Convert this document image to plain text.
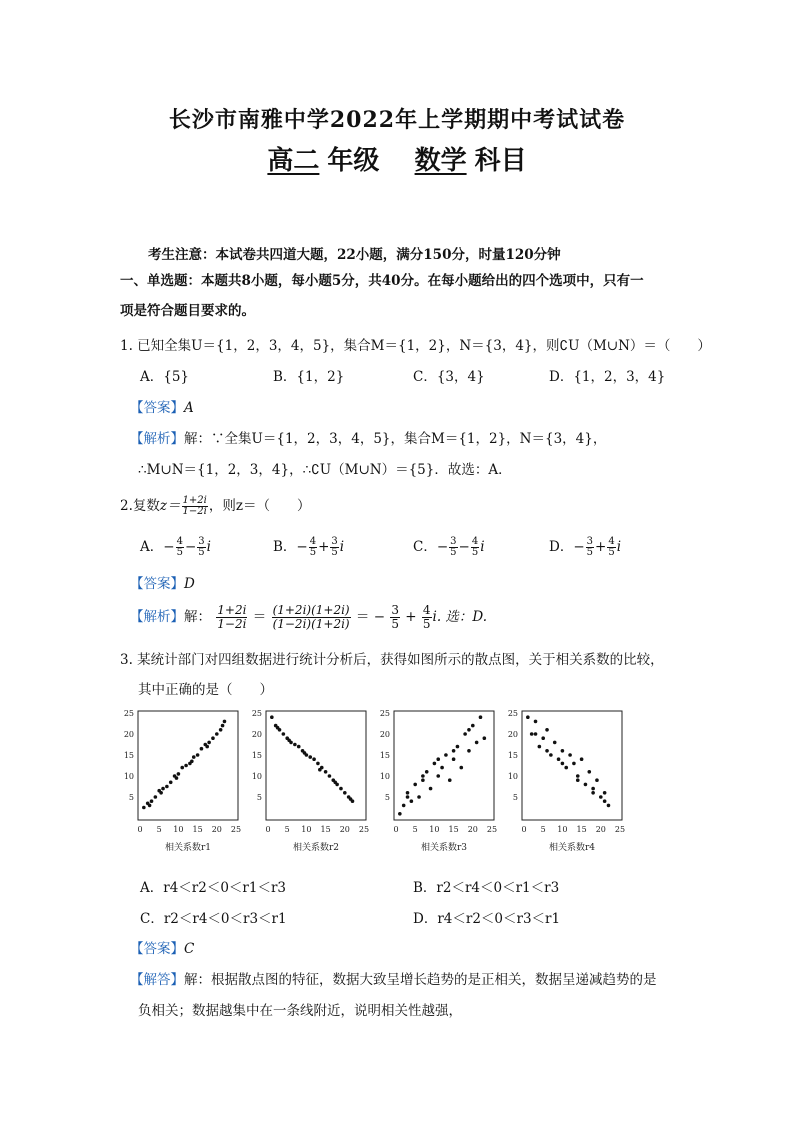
长沙市南雅中学2022年上学期期中考试试卷
高二 年级 数学 科目
考生注意：本试卷共四道大题，22小题，满分150分，时量120分钟
一、单选题：本题共8小题，每小题5分，共40分。在每小题给出的四个选项中，只有一
项是符合题目要求的。
1. 已知全集U＝{1，2，3，4，5}，集合M＝{1，2}，N＝{3，4}，则∁U（M∪N）＝（　　）
A．{5}	B．{1，2}	C．{3，4}	D．{1，2，3，4}
【答案】A
【解析】解：∵全集U＝{1，2，3，4，5}，集合M＝{1，2}，N＝{3，4}，
∴M∪N＝{1，2，3，4}，∴∁U（M∪N）＝{5}．故选：A．
2.复数$z= \frac{1+2i}{1-2i}$ ，则z＝（　　）
A．− $\frac{4}{5} - \frac{3}{5}$ i	B．− $\frac{4}{5} + \frac{3}{5}$ i	C．− $\frac{3}{5} - \frac{4}{5}$ i	D．− $\frac{3}{5} + \frac{4}{5}$ i
【答案】D
【解析】解： $\frac{1+2i}{1-2i} = \frac{(1+2i)(1+2i)}{(1-2i)(1+2i)}$ ＝ − $\frac{3}{5} + \frac{4}{5} i$. 选：D.
3. 某统计部门对四组数据进行统计分析后，获得如图所示的散点图，关于相关系数的比较，
其中正确的是（　　）
5
10
15
20
25
0 5 10 15 20 25
相关系数r1
5
10
15
20
25
0 5 10 15 20 25
相关系数r2
5
10
15
20
25
0 5 10 15 20 25
相关系数r3
5
10
15
20
25
0 5 10 15 20 25
相关系数r4
A．r4＜r2＜0＜r1＜r3	B．r2＜r4＜0＜r1＜r3
C．r2＜r4＜0＜r3＜r1	D．r4＜r2＜0＜r3＜r1
【答案】C
【解答】解：根据散点图的特征，数据大致呈增长趋势的是正相关，数据呈递减趋势的是
负相关；数据越集中在一条线附近，说明相关性越强，
